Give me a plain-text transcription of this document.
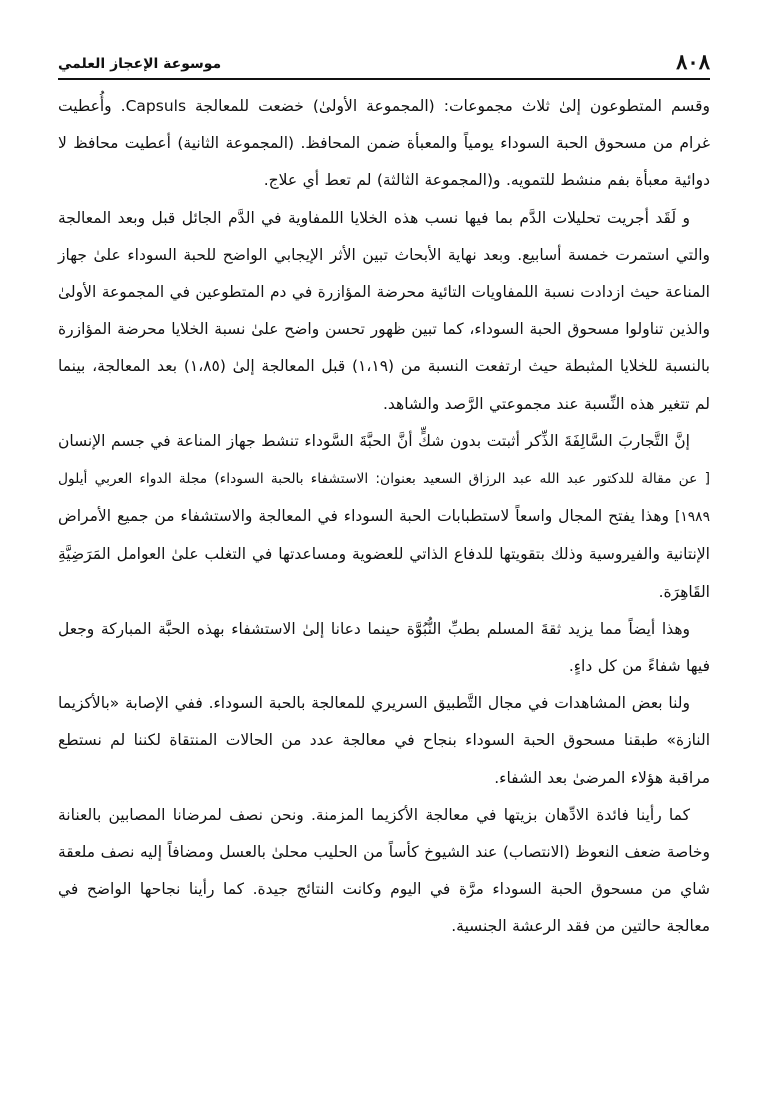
٨٠٨
موسوعة الإعجاز العلمي

وقسم المتطوعون إلىٰ ثلاث مجموعات: (المجموعة الأولىٰ) خضعت للمعالجة Capsuls. وأُعطيت غرام من مسحوق الحبة السوداء يومياً والمعبأة ضمن المحافظ. (المجموعة الثانية) أعطيت محافظ لا دوائية معبأة بفم منشط للتمويه. و(المجموعة الثالثة) لم تعط أي علاج.

و لَقَد أجريت تحليلات الدَّم بما فيها نسب هذه الخلايا اللمفاوية في الدَّم الجائل قبل وبعد المعالجة والتي استمرت خمسة أسابيع. وبعد نهاية الأبحاث تبين الأثر الإيجابي الواضح للحبة السوداء علىٰ جهاز المناعة حيث ازدادت نسبة اللمفاويات التائية محرضة المؤازرة في دم المتطوعين في المجموعة الأولىٰ والذين تناولوا مسحوق الحبة السوداء، كما تبين ظهور تحسن واضح علىٰ نسبة الخلايا محرضة المؤازرة بالنسبة للخلايا المثبطة حيث ارتفعت النسبة من (١،١٩) قبل المعالجة إلىٰ (١،٨٥) بعد المعالجة، بينما لم تتغير هذه النِّسبة عند مجموعتي الرَّصد والشاهد.

إنَّ التَّجاربَ السَّالِفَةَ الذِّكر أثبتت بدون شكٍّ أنَّ الحبَّةَ السَّوداء تنشط جهاز المناعة في جسم الإنسان [ عن مقالة للدكتور عبد الله عبد الرزاق السعيد بعنوان: الاستشفاء بالحبة السوداء) مجلة الدواء العربي أيلول ١٩٨٩] وهذا يفتح المجال واسعاً لاستطبابات الحبة السوداء في المعالجة والاستشفاء من جميع الأمراض الإنتانية والفيروسية وذلك بتقويتها للدفاع الذاتي للعضوية ومساعدتها في التغلب علىٰ العوامل المَرَضِيَّةِ القَاهِرَة.

وهذا أيضاً مما يزيد ثقةَ المسلم بطبِّ النُّبُوَّة حينما دعانا إلىٰ الاستشفاء بهذه الحبَّة المباركة وجعل فيها شفاءً من كل داءٍ.

ولنا بعض المشاهدات في مجال التَّطبيق السريري للمعالجة بالحبة السوداء. ففي الإصابة «بالأكزيما النازة» طبقنا مسحوق الحبة السوداء بنجاح في معالجة عدد من الحالات المنتقاة لكننا لم نستطع مراقبة هؤلاء المرضىٰ بعد الشفاء.

كما رأينا فائدة الادِّهان بزيتها في معالجة الأكزيما المزمنة. ونحن نصف لمرضانا المصابين بالعنانة وخاصة ضعف النعوظ (الانتصاب) عند الشيوخ كأساً من الحليب محلىٰ بالعسل ومضافاً إليه نصف ملعقة شاي من مسحوق الحبة السوداء مرَّة في اليوم وكانت النتائج جيدة. كما رأينا نجاحها الواضح في معالجة حالتين من فقد الرعشة الجنسية.
